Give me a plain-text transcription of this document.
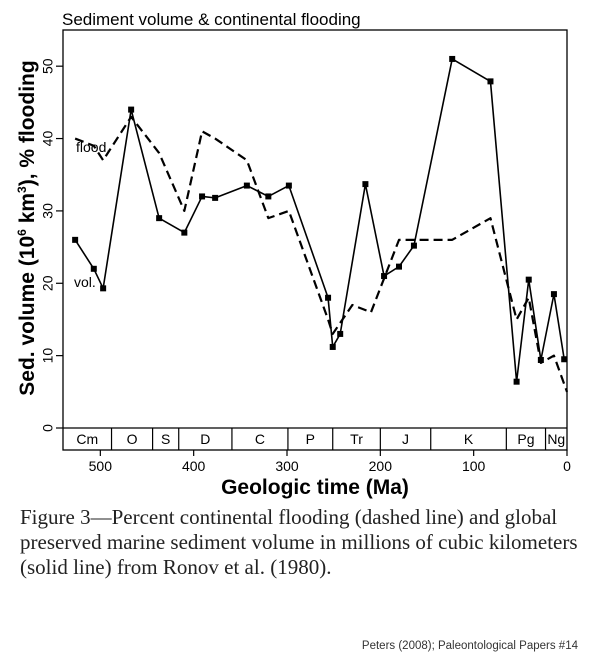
Sediment volume & continental flooding
Geologic time (Ma)
Sed. volume ($10^6$ $km^3$), % flooding
0
10
20
30
40
50
500	400	300	200	100	0
Cm O S D	C	P	Tr	J	K	Pg Ng
flood.
vol.

Figure 3—Percent continental flooding (dashed line) and global preserved marine sediment volume in millions of cubic kilometers (solid line) from Ronov et al. (1980).

Peters (2008); Paleontological Papers #14
